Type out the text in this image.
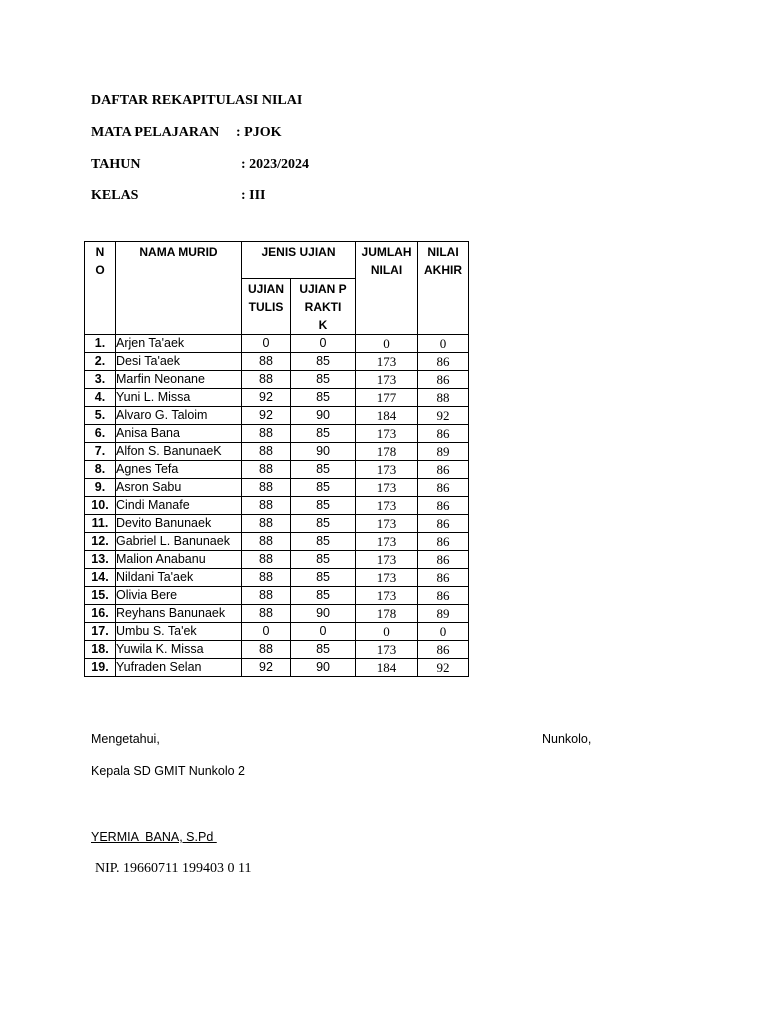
DAFTAR REKAPITULASI NILAI
MATA PELAJARAN : PJOK
TAHUN	: 2023/2024
KELAS	: III
N O	NAMA MURID	JENIS UJIAN		JUMLAH NILAI	NILAI AKHIR
		UJIAN TULIS	UJIAN PRAKTI K		
1.	Arjen Ta'aek	0	0	0	0
2.	Desi Ta'aek	88	85	173	86
3.	Marfin Neonane	88	85	173	86
4.	Yuni L. Missa	92	85	177	88
5.	Alvaro G. Taloim	92	90	184	92
6.	Anisa Bana	88	85	173	86
7.	Alfon S. BanunaeK	88	90	178	89
8.	Agnes Tefa	88	85	173	86
9.	Asron Sabu	88	85	173	86
10.	Cindi Manafe	88	85	173	86
11.	Devito Banunaek	88	85	173	86
12.	Gabriel L. Banunaek	88	85	173	86
13.	Malion Anabanu	88	85	173	86
14.	Nildani Ta'aek	88	85	173	86
15.	Olivia Bere	88	85	173	86
16.	Reyhans Banunaek	88	90	178	89
17.	Umbu S. Ta'ek	0	0	0	0
18.	Yuwila K. Missa	88	85	173	86
19.	Yufraden Selan	92	90	184	92
Mengetahui,	Nunkolo,
Kepala SD GMIT Nunkolo 2
YERMIA  BANA, S.Pd
NIP. 19660711 199403 0 11
